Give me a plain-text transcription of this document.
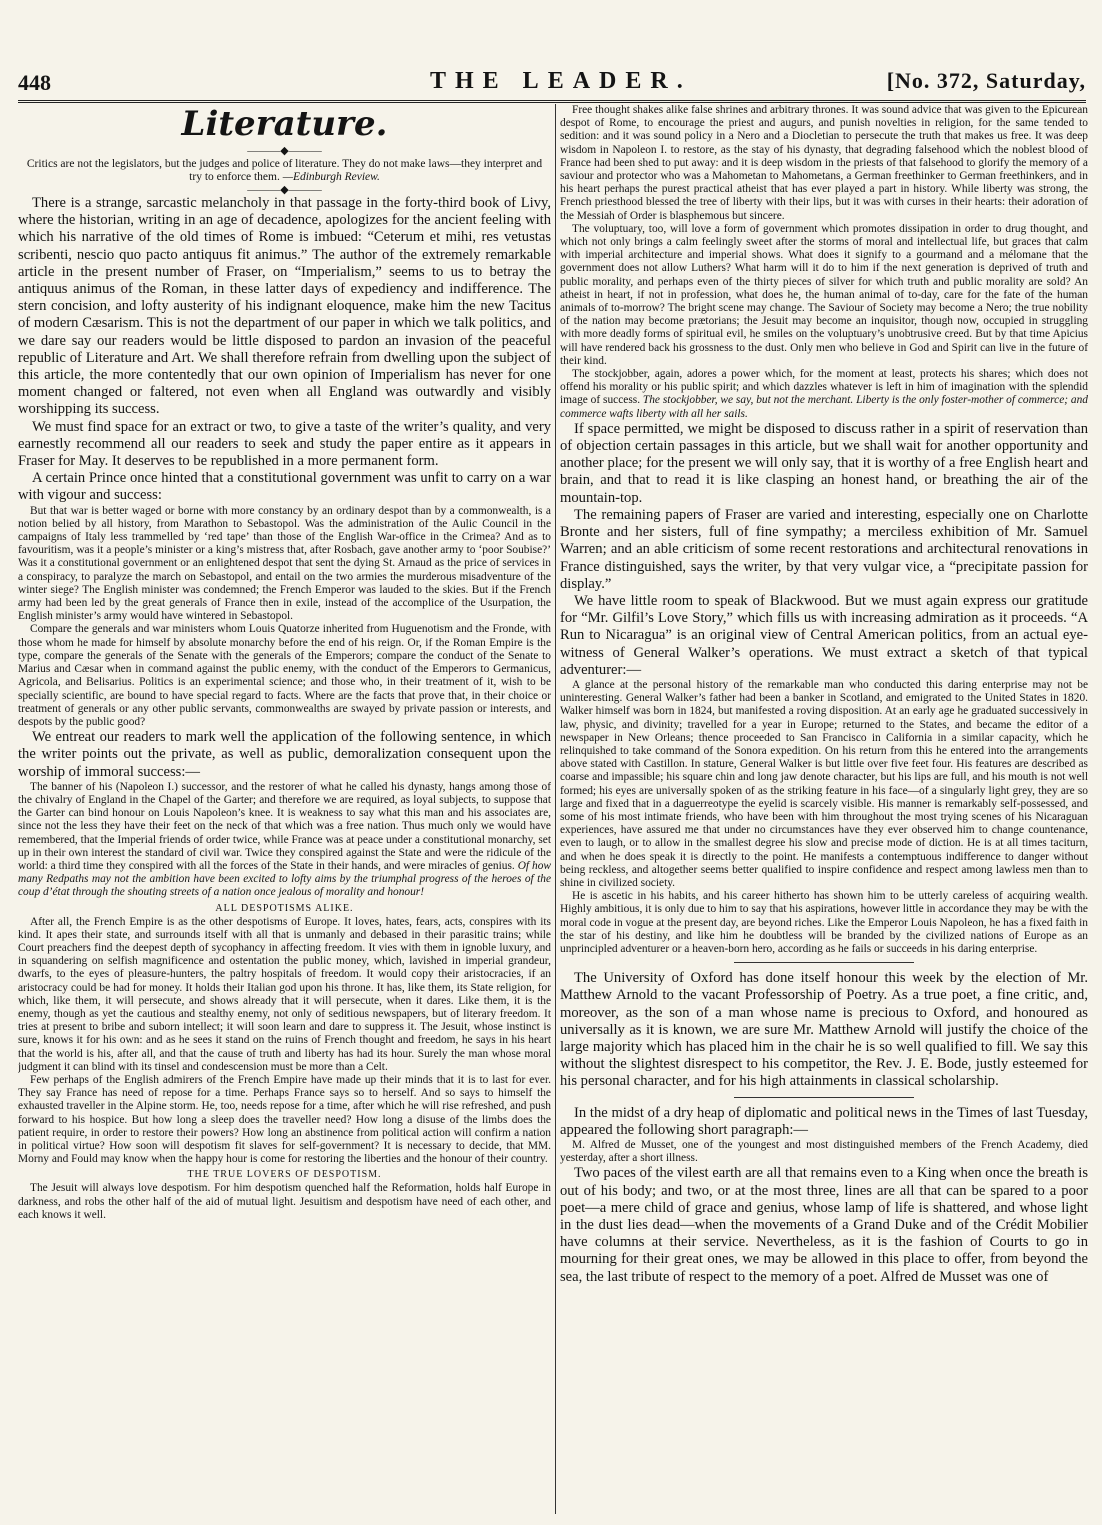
448	THE LEADER.	[No. 372, Saturday,
Literature.
———◆———
Critics are not the legislators, but the judges and police of literature. They do not make laws—they interpret and try to enforce them. —Edinburgh Review.
———◆———

There is a strange, sarcastic melancholy in that passage in the forty-third book of Livy, where the historian, writing in an age of decadence, apologizes for the ancient feeling with which his narrative of the old times of Rome is imbued: “Ceterum et mihi, res vetustas scribenti, nescio quo pacto antiquus fit animus.” The author of the extremely remarkable article in the present number of Fraser, on “Imperialism,” seems to us to betray the antiquus animus of the Roman, in these latter days of expediency and indifference. The stern concision, and lofty austerity of his indignant eloquence, make him the new Tacitus of modern Cæsarism. This is not the department of our paper in which we talk politics, and we dare say our readers would be little disposed to pardon an invasion of the peaceful republic of Literature and Art. We shall therefore refrain from dwelling upon the subject of this article, the more contentedly that our own opinion of Imperialism has never for one moment changed or faltered, not even when all England was outwardly and visibly worshipping its success.

We must find space for an extract or two, to give a taste of the writer’s quality, and very earnestly recommend all our readers to seek and study the paper entire as it appears in Fraser for May. It deserves to be republished in a more permanent form.

A certain Prince once hinted that a constitutional government was unfit to carry on a war with vigour and success:

But that war is better waged or borne with more constancy by an ordinary despot than by a commonwealth, is a notion belied by all history, from Marathon to Sebastopol. Was the administration of the Aulic Council in the campaigns of Italy less trammelled by ‘red tape’ than those of the English War-office in the Crimea? And as to favouritism, was it a people’s minister or a king’s mistress that, after Rosbach, gave another army to ‘poor Soubise?’ Was it a constitutional government or an enlightened despot that sent the dying St. Arnaud as the price of services in a conspiracy, to paralyze the march on Sebastopol, and entail on the two armies the murderous misadventure of the winter siege? The English minister was condemned; the French Emperor was lauded to the skies. But if the French army had been led by the great generals of France then in exile, instead of the accomplice of the Usurpation, the English minister’s army would have wintered in Sebastopol.

Compare the generals and war ministers whom Louis Quatorze inherited from Huguenotism and the Fronde, with those whom he made for himself by absolute monarchy before the end of his reign. Or, if the Roman Empire is the type, compare the generals of the Senate with the generals of the Emperors; compare the conduct of the Senate to Marius and Cæsar when in command against the public enemy, with the conduct of the Emperors to Germanicus, Agricola, and Belisarius. Politics is an experimental science; and those who, in their treatment of it, wish to be specially scientific, are bound to have special regard to facts. Where are the facts that prove that, in their choice or treatment of generals or any other public servants, commonwealths are swayed by private passion or interests, and despots by the public good?

We entreat our readers to mark well the application of the following sentence, in which the writer points out the private, as well as public, demoralization consequent upon the worship of immoral success:—

The banner of his (Napoleon I.) successor, and the restorer of what he called his dynasty, hangs among those of the chivalry of England in the Chapel of the Garter; and therefore we are required, as loyal subjects, to suppose that the Garter can bind honour on Louis Napoleon’s knee. It is weakness to say what this man and his associates are, since not the less they have their feet on the neck of that which was a free nation. Thus much only we would have remembered, that the Imperial friends of order twice, while France was at peace under a constitutional monarchy, set up in their own interest the standard of civil war. Twice they conspired against the State and were the ridicule of the world: a third time they conspired with all the forces of the State in their hands, and were miracles of genius. Of how many Redpaths may not the ambition have been excited to lofty aims by the triumphal progress of the heroes of the coup d’état through the shouting streets of a nation once jealous of morality and honour!

ALL DESPOTISMS ALIKE.

After all, the French Empire is as the other despotisms of Europe. It loves, hates, fears, acts, conspires with its kind. It apes their state, and surrounds itself with all that is unmanly and debased in their parasitic trains; while Court preachers find the deepest depth of sycophancy in affecting freedom. It vies with them in ignoble luxury, and in squandering on selfish magnificence and ostentation the public money, which, lavished in imperial grandeur, dwarfs, to the eyes of pleasure-hunters, the paltry hospitals of freedom. It would copy their aristocracies, if an aristocracy could be had for money. It holds their Italian god upon his throne. It has, like them, its State religion, for which, like them, it will persecute, and shows already that it will persecute, when it dares. Like them, it is the enemy, though as yet the cautious and stealthy enemy, not only of seditious newspapers, but of literary freedom. It tries at present to bribe and suborn intellect; it will soon learn and dare to suppress it. The Jesuit, whose instinct is sure, knows it for his own: and as he sees it stand on the ruins of French thought and freedom, he says in his heart that the world is his, after all, and that the cause of truth and liberty has had its hour. Surely the man whose moral judgment it can blind with its tinsel and condescension must be more than a Celt.

Few perhaps of the English admirers of the French Empire have made up their minds that it is to last for ever. They say France has need of repose for a time. Perhaps France says so to herself. And so says to himself the exhausted traveller in the Alpine storm. He, too, needs repose for a time, after which he will rise refreshed, and push forward to his hospice. But how long a sleep does the traveller need? How long a disuse of the limbs does the patient require, in order to restore their powers? How long an abstinence from political action will confirm a nation in political virtue? How soon will despotism fit slaves for self-government? It is necessary to decide, that MM. Morny and Fould may know when the happy hour is come for restoring the liberties and the honour of their country.

THE TRUE LOVERS OF DESPOTISM.

The Jesuit will always love despotism. For him despotism quenched half the Reformation, holds half Europe in darkness, and robs the other half of the aid of mutual light. Jesuitism and despotism have need of each other, and each knows it well.

Free thought shakes alike false shrines and arbitrary thrones. It was sound advice that was given to the Epicurean despot of Rome, to encourage the priest and augurs, and punish novelties in religion, for the same tended to sedition: and it was sound policy in a Nero and a Diocletian to persecute the truth that makes us free. It was deep wisdom in Napoleon I. to restore, as the stay of his dynasty, that degrading falsehood which the noblest blood of France had been shed to put away: and it is deep wisdom in the priests of that falsehood to glorify the memory of a saviour and protector who was a Mahometan to Mahometans, a German freethinker to German freethinkers, and in his heart perhaps the purest practical atheist that has ever played a part in history. While liberty was strong, the French priesthood blessed the tree of liberty with their lips, but it was with curses in their hearts: their adoration of the Messiah of Order is blasphemous but sincere.

The voluptuary, too, will love a form of government which promotes dissipation in order to drug thought, and which not only brings a calm feelingly sweet after the storms of moral and intellectual life, but graces that calm with imperial architecture and imperial shows. What does it signify to a gourmand and a mélomane that the government does not allow Luthers? What harm will it do to him if the next generation is deprived of truth and public morality, and perhaps even of the thirty pieces of silver for which truth and public morality are sold? An atheist in heart, if not in profession, what does he, the human animal of to-day, care for the fate of the human animals of to-morrow? The bright scene may change. The Saviour of Society may become a Nero; the true nobility of the nation may become prætorians; the Jesuit may become an inquisitor, though now, occupied in struggling with more deadly forms of spiritual evil, he smiles on the voluptuary’s unobtrusive creed. But by that time Apicius will have rendered back his grossness to the dust. Only men who believe in God and Spirit can live in the future of their kind.

The stockjobber, again, adores a power which, for the moment at least, protects his shares; which does not offend his morality or his public spirit; and which dazzles whatever is left in him of imagination with the splendid image of success. The stockjobber, we say, but not the merchant. Liberty is the only foster-mother of commerce; and commerce wafts liberty with all her sails.

If space permitted, we might be disposed to discuss rather in a spirit of reservation than of objection certain passages in this article, but we shall wait for another opportunity and another place; for the present we will only say, that it is worthy of a free English heart and brain, and that to read it is like clasping an honest hand, or breathing the air of the mountain-top.

The remaining papers of Fraser are varied and interesting, especially one on Charlotte Bronte and her sisters, full of fine sympathy; a merciless exhibition of Mr. Samuel Warren; and an able criticism of some recent restorations and architectural renovations in France distinguished, says the writer, by that very vulgar vice, a “precipitate passion for display.”

We have little room to speak of Blackwood. But we must again express our gratitude for “Mr. Gilfil’s Love Story,” which fills us with increasing admiration as it proceeds. “A Run to Nicaragua” is an original view of Central American politics, from an actual eye-witness of General Walker’s operations. We must extract a sketch of that typical adventurer:—

A glance at the personal history of the remarkable man who conducted this daring enterprise may not be uninteresting. General Walker’s father had been a banker in Scotland, and emigrated to the United States in 1820. Walker himself was born in 1824, but manifested a roving disposition. At an early age he graduated successively in law, physic, and divinity; travelled for a year in Europe; returned to the States, and became the editor of a newspaper in New Orleans; thence proceeded to San Francisco in California in a similar capacity, which he relinquished to take command of the Sonora expedition. On his return from this he entered into the arrangements above stated with Castillon. In stature, General Walker is but little over five feet four. His features are described as coarse and impassible; his square chin and long jaw denote character, but his lips are full, and his mouth is not well formed; his eyes are universally spoken of as the striking feature in his face—of a singularly light grey, they are so large and fixed that in a daguerreotype the eyelid is scarcely visible. His manner is remarkably self-possessed, and some of his most intimate friends, who have been with him throughout the most trying scenes of his Nicaraguan experiences, have assured me that under no circumstances have they ever observed him to change countenance, even to laugh, or to allow in the smallest degree his slow and precise mode of diction. He is at all times taciturn, and when he does speak it is directly to the point. He manifests a contemptuous indifference to danger without being reckless, and altogether seems better qualified to inspire confidence and respect among lawless men than to shine in civilized society.

He is ascetic in his habits, and his career hitherto has shown him to be utterly careless of acquiring wealth. Highly ambitious, it is only due to him to say that his aspirations, however little in accordance they may be with the moral code in vogue at the present day, are beyond riches. Like the Emperor Louis Napoleon, he has a fixed faith in the star of his destiny, and like him he doubtless will be branded by the civilized nations of Europe as an unprincipled adventurer or a heaven-born hero, according as he fails or succeeds in his daring enterprise.

The University of Oxford has done itself honour this week by the election of Mr. Matthew Arnold to the vacant Professorship of Poetry. As a true poet, a fine critic, and, moreover, as the son of a man whose name is precious to Oxford, and honoured as universally as it is known, we are sure Mr. Matthew Arnold will justify the choice of the large majority which has placed him in the chair he is so well qualified to fill. We say this without the slightest disrespect to his competitor, the Rev. J. E. Bode, justly esteemed for his personal character, and for his high attainments in classical scholarship.

In the midst of a dry heap of diplomatic and political news in the Times of last Tuesday, appeared the following short paragraph:—

M. Alfred de Musset, one of the youngest and most distinguished members of the French Academy, died yesterday, after a short illness.

Two paces of the vilest earth are all that remains even to a King when once the breath is out of his body; and two, or at the most three, lines are all that can be spared to a poor poet—a mere child of grace and genius, whose lamp of life is shattered, and whose light in the dust lies dead—when the movements of a Grand Duke and of the Crédit Mobilier have columns at their service. Nevertheless, as it is the fashion of Courts to go in mourning for their great ones, we may be allowed in this place to offer, from beyond the sea, the last tribute of respect to the memory of a poet. Alfred de Musset was one of
